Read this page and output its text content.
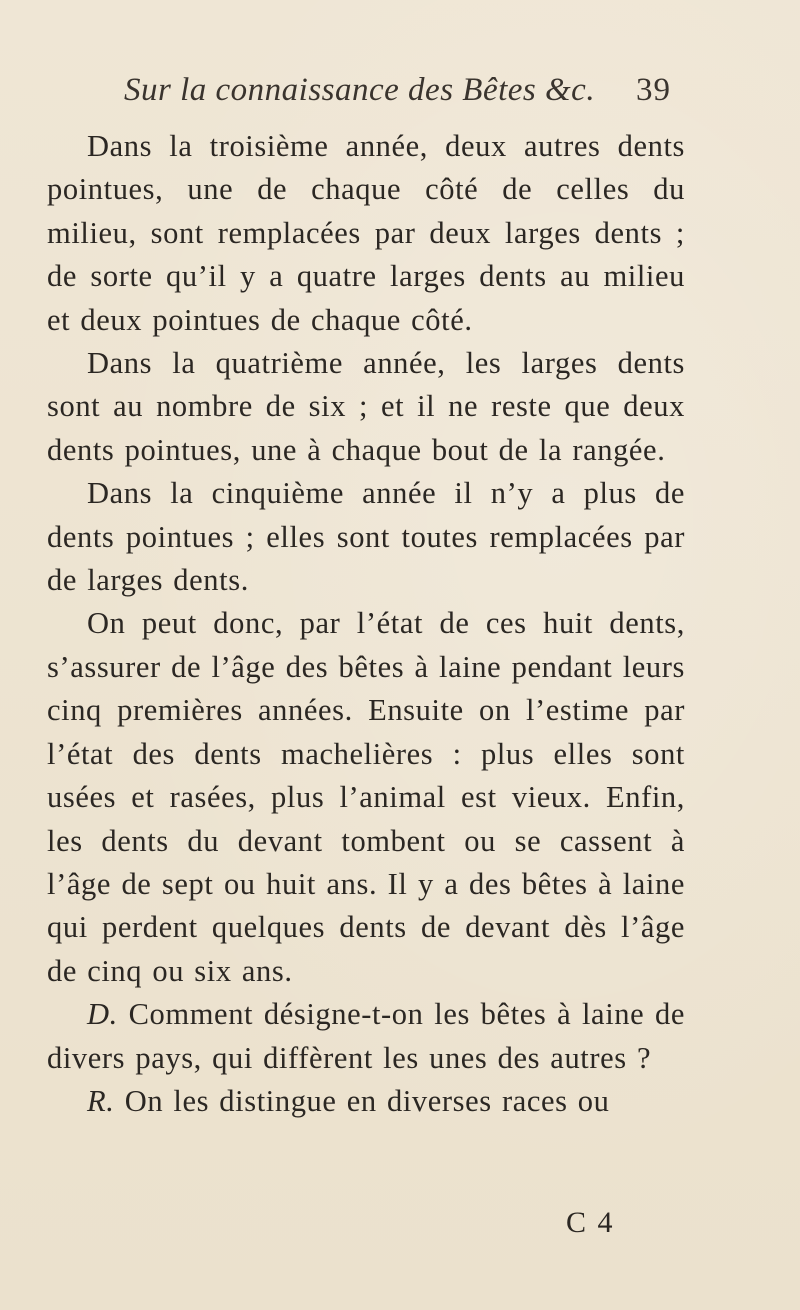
Sur la connaissance des Bêtes &c. 39

Dans la troisième année, deux autres dents pointues, une de chaque côté de celles du milieu, sont remplacées par deux larges dents ; de sorte qu’il y a quatre larges dents au milieu et deux pointues de chaque côté.

Dans la quatrième année, les larges dents sont au nombre de six ; et il ne reste que deux dents pointues, une à chaque bout de la rangée.

Dans la cinquième année il n’y a plus de dents pointues ; elles sont toutes remplacées par de larges dents.

On peut donc, par l’état de ces huit dents, s’assurer de l’âge des bêtes à laine pendant leurs cinq premières années. Ensuite on l’estime par l’état des dents machelières : plus elles sont usées et rasées, plus l’animal est vieux. Enfin, les dents du devant tombent ou se cassent à l’âge de sept ou huit ans. Il y a des bêtes à laine qui perdent quelques dents de devant dès l’âge de cinq ou six ans.

D. Comment désigne-t-on les bêtes à laine de divers pays, qui diffèrent les unes des autres ?

R. On les distingue en diverses races ou

C 4
